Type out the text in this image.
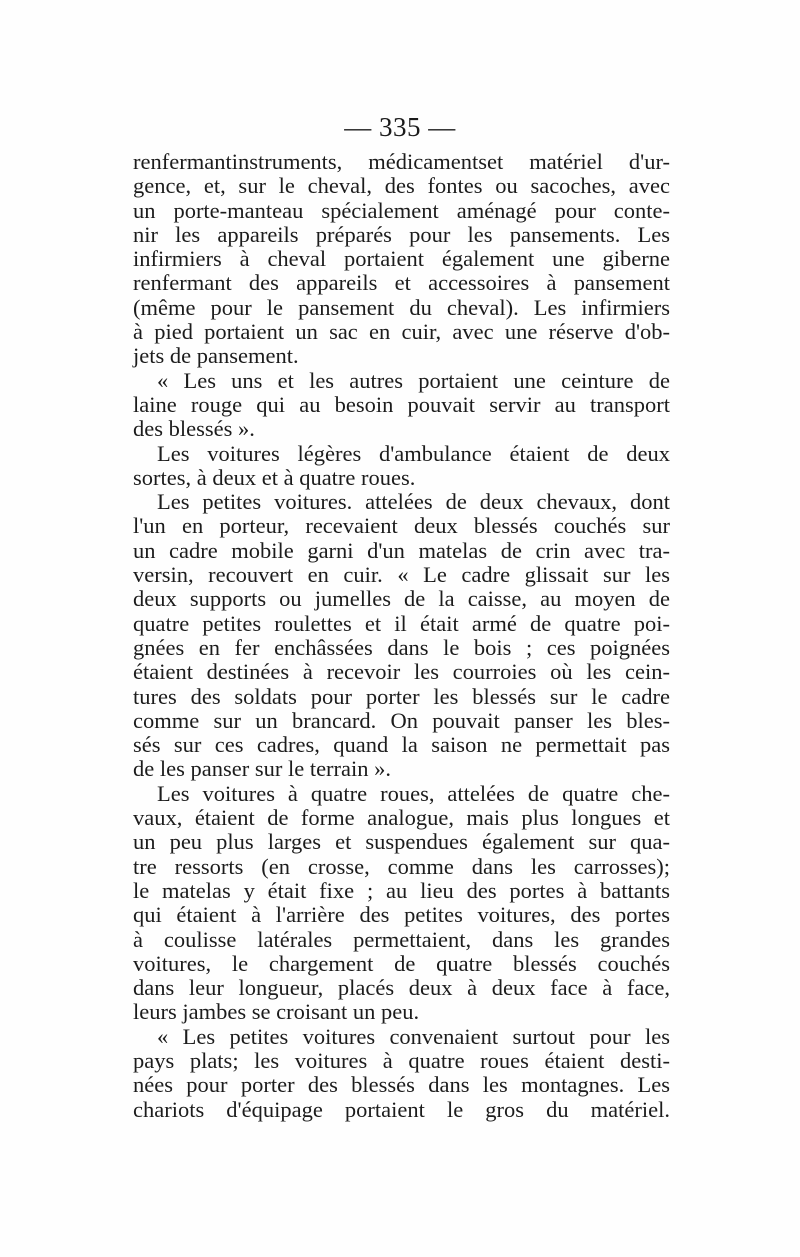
— 335 —
renfermantinstruments, médicamentset matériel d'ur-
gence, et, sur le cheval, des fontes ou sacoches, avec
un porte-manteau spécialement aménagé pour conte-
nir les appareils préparés pour les pansements. Les
infirmiers à cheval portaient également une giberne
renfermant des appareils et accessoires à pansement
(même pour le pansement du cheval). Les infirmiers
à pied portaient un sac en cuir, avec une réserve d'ob-
jets de pansement.
« Les uns et les autres portaient une ceinture de
laine rouge qui au besoin pouvait servir au transport
des blessés ».
Les voitures légères d'ambulance étaient de deux
sortes, à deux et à quatre roues.
Les petites voitures. attelées de deux chevaux, dont
l'un en porteur, recevaient deux blessés couchés sur
un cadre mobile garni d'un matelas de crin avec tra-
versin, recouvert en cuir. « Le cadre glissait sur les
deux supports ou jumelles de la caisse, au moyen de
quatre petites roulettes et il était armé de quatre poi-
gnées en fer enchâssées dans le bois ; ces poignées
étaient destinées à recevoir les courroies où les cein-
tures des soldats pour porter les blessés sur le cadre
comme sur un brancard. On pouvait panser les bles-
sés sur ces cadres, quand la saison ne permettait pas
de les panser sur le terrain ».
Les voitures à quatre roues, attelées de quatre che-
vaux, étaient de forme analogue, mais plus longues et
un peu plus larges et suspendues également sur qua-
tre ressorts (en crosse, comme dans les carrosses);
le matelas y était fixe ; au lieu des portes à battants
qui étaient à l'arrière des petites voitures, des portes
à coulisse latérales permettaient, dans les grandes
voitures, le chargement de quatre blessés couchés
dans leur longueur, placés deux à deux face à face,
leurs jambes se croisant un peu.
« Les petites voitures convenaient surtout pour les
pays plats; les voitures à quatre roues étaient desti-
nées pour porter des blessés dans les montagnes. Les
chariots d'équipage portaient le gros du matériel.
